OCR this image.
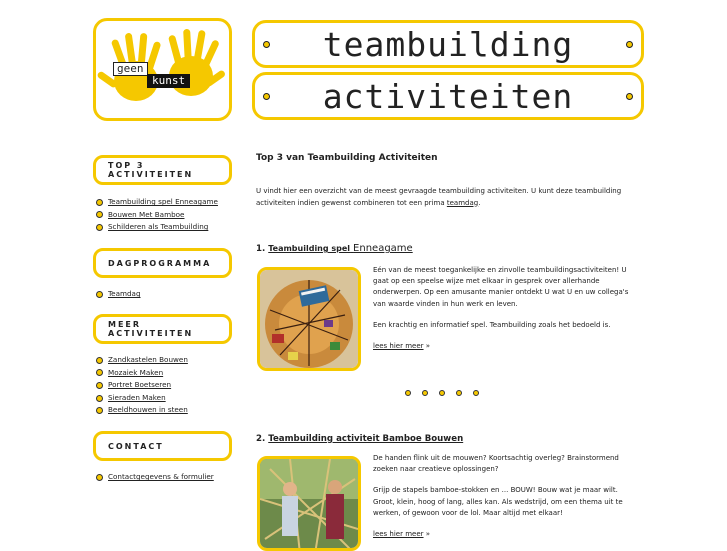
geen
kunst
teambuilding
activiteiten
TOP 3 ACTIVITEITEN
Teambuilding spel Enneagame
Bouwen Met Bamboe
Schilderen als Teambuilding
DAGPROGRAMMA
Teamdag
MEER ACTIVITEITEN
Zandkastelen Bouwen
Mozaiek Maken
Portret Boetseren
Sieraden Maken
Beeldhouwen in steen
CONTACT
Contactgegevens & formulier
Top 3 van Teambuilding Activiteiten

U vindt hier een overzicht van de meest gevraagde teambuilding activiteiten. U kunt deze teambuilding activiteiten indien gewenst combineren tot een prima teamdag.

1. Teambuilding spel Enneagame

Eén van de meest toegankelijke en zinvolle teambuildingsactiviteiten! U gaat op een speelse wijze met elkaar in gesprek over allerhande onderwerpen. Op een amusante manier ontdekt U wat U en uw collega's van waarde vinden in hun werk en leven.

Een krachtig en informatief spel. Teambuilding zoals het bedoeld is.

lees hier meer »

2. Teambuilding activiteit Bamboe Bouwen

De handen flink uit de mouwen? Koortsachtig overleg? Brainstormend zoeken naar creatieve oplossingen?

Grijp de stapels bamboe-stokken en ... BOUW! Bouw wat je maar wilt. Groot, klein, hoog of lang, alles kan. Als wedstrijd, om een thema uit te werken, of gewoon voor de lol. Maar altijd met elkaar!

lees hier meer »
